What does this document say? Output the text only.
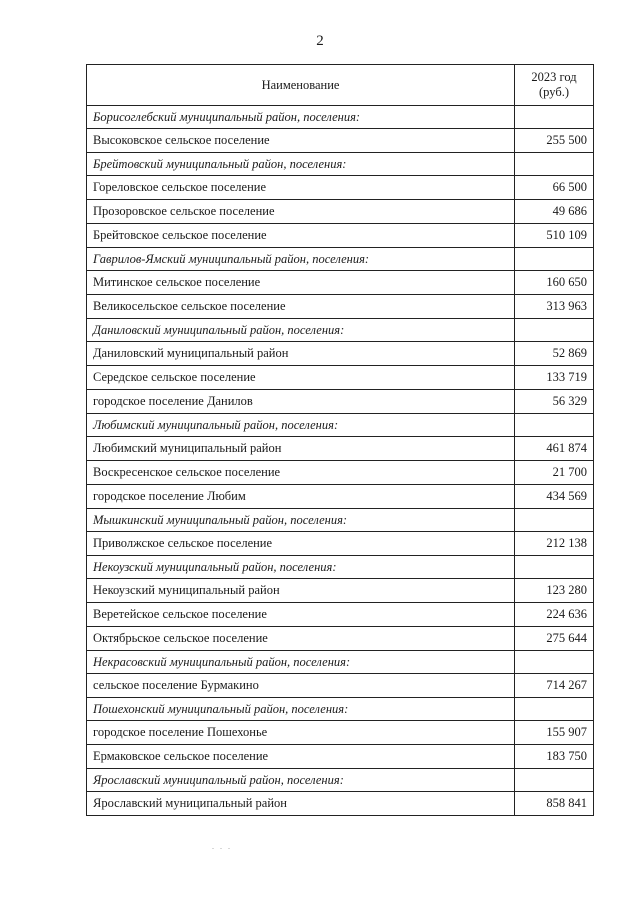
2
Наименование	2023 год (руб.)
Борисоглебский муниципальный район, поселения:	
Высоковское сельское поселение	255 500
Брейтовский муниципальный район, поселения:	
Гореловское сельское поселение	66 500
Прозоровское сельское поселение	49 686
Брейтовское сельское поселение	510 109
Гаврилов-Ямский муниципальный район, поселения:	
Митинское сельское поселение	160 650
Великосельское сельское поселение	313 963
Даниловский муниципальный район, поселения:	
Даниловский муниципальный район	52 869
Середское сельское поселение	133 719
городское поселение Данилов	56 329
Любимский муниципальный район, поселения:	
Любимский муниципальный район	461 874
Воскресенское сельское поселение	21 700
городское поселение Любим	434 569
Мышкинский муниципальный район, поселения:	
Приволжское сельское поселение	212 138
Некоузский муниципальный район, поселения:	
Некоузский муниципальный район	123 280
Веретейское сельское поселение	224 636
Октябрьское сельское поселение	275 644
Некрасовский муниципальный район, поселения:	
сельское поселение Бурмакино	714 267
Пошехонский муниципальный район, поселения:	
городское поселение Пошехонье	155 907
Ермаковское сельское поселение	183 750
Ярославский муниципальный район, поселения:	
Ярославский муниципальный район	858 841
. . .
